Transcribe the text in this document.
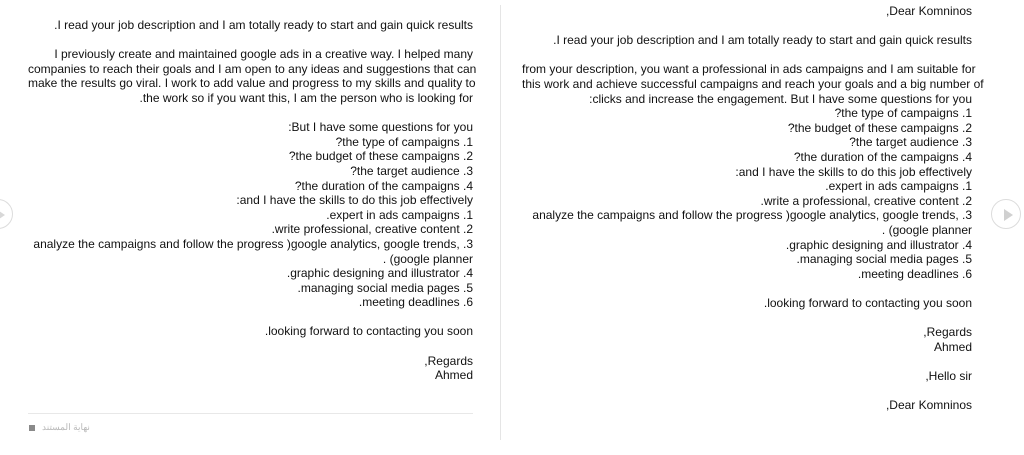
.I read your job description and I am totally ready to start and gain quick results
I previously create and maintained google ads in a creative way. I helped many
companies to reach their goals and I am open to any ideas and suggestions that can
make the results go viral. I work to add value and progress to my skills and quality to
.the work so if you want this, I am the person who is looking for
:But I have some questions for you
?the type of campaigns .1
?the budget of these campaigns .2
?the target audience .3
?the duration of the campaigns .4
:and I have the skills to do this job effectively
.expert in ads campaigns .1
.write professional, creative content .2
analyze the campaigns and follow the progress )google analytics, google trends, .3
. (google planner
.graphic designing and illustrator .4
.managing social media pages .5
.meeting deadlines .6
.looking forward to contacting you soon
,Regards
Ahmed
نهاية المستند
,Dear Komninos
.I read your job description and I am totally ready to start and gain quick results
from your description, you want a professional in ads campaigns and I am suitable for
this work and achieve successful campaigns and reach your goals and a big number of
:clicks and increase the engagement. But I have some questions for you
?the type of campaigns .1
?the budget of these campaigns .2
?the target audience .3
?the duration of the campaigns .4
:and I have the skills to do this job effectively
.expert in ads campaigns .1
.write a professional, creative content .2
analyze the campaigns and follow the progress )google analytics, google trends, .3
. (google planner
.graphic designing and illustrator .4
.managing social media pages .5
.meeting deadlines .6
.looking forward to contacting you soon
,Regards
Ahmed
,Hello sir
,Dear Komninos
